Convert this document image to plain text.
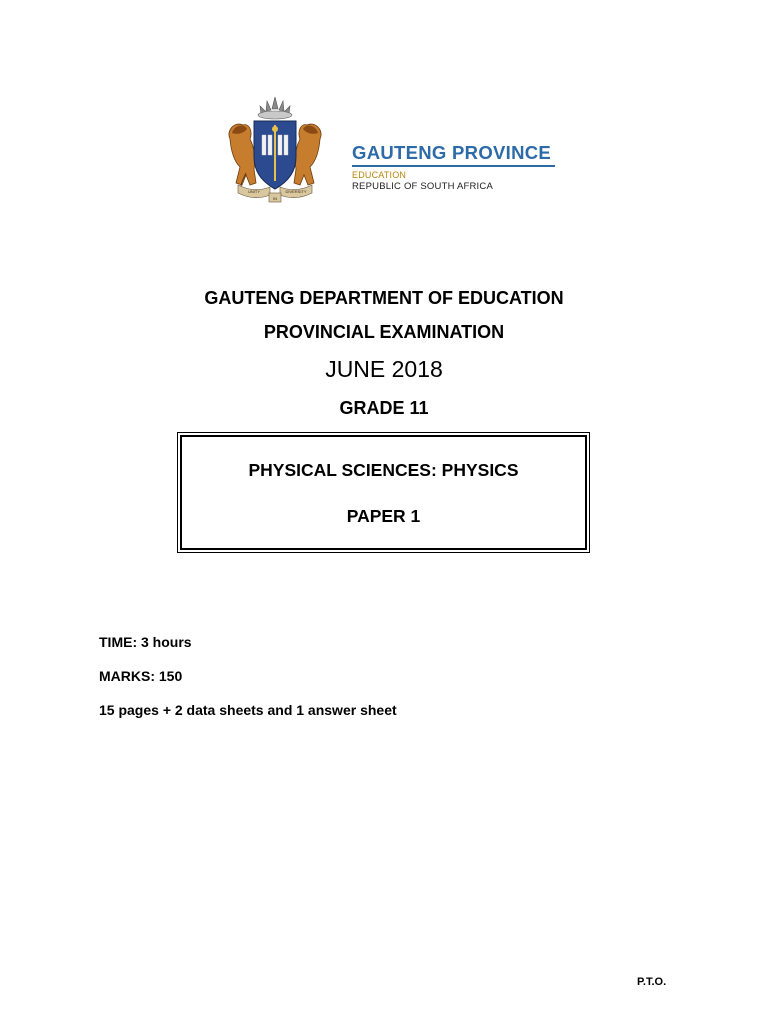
UNITY	DIVERSITY
IN
GAUTENG PROVINCE
EDUCATION
REPUBLIC OF SOUTH AFRICA
GAUTENG DEPARTMENT OF EDUCATION
PROVINCIAL EXAMINATION
JUNE 2018
GRADE 11
PHYSICAL SCIENCES: PHYSICS
PAPER 1
TIME: 3 hours
MARKS: 150
15 pages + 2 data sheets and 1 answer sheet
P.T.O.
